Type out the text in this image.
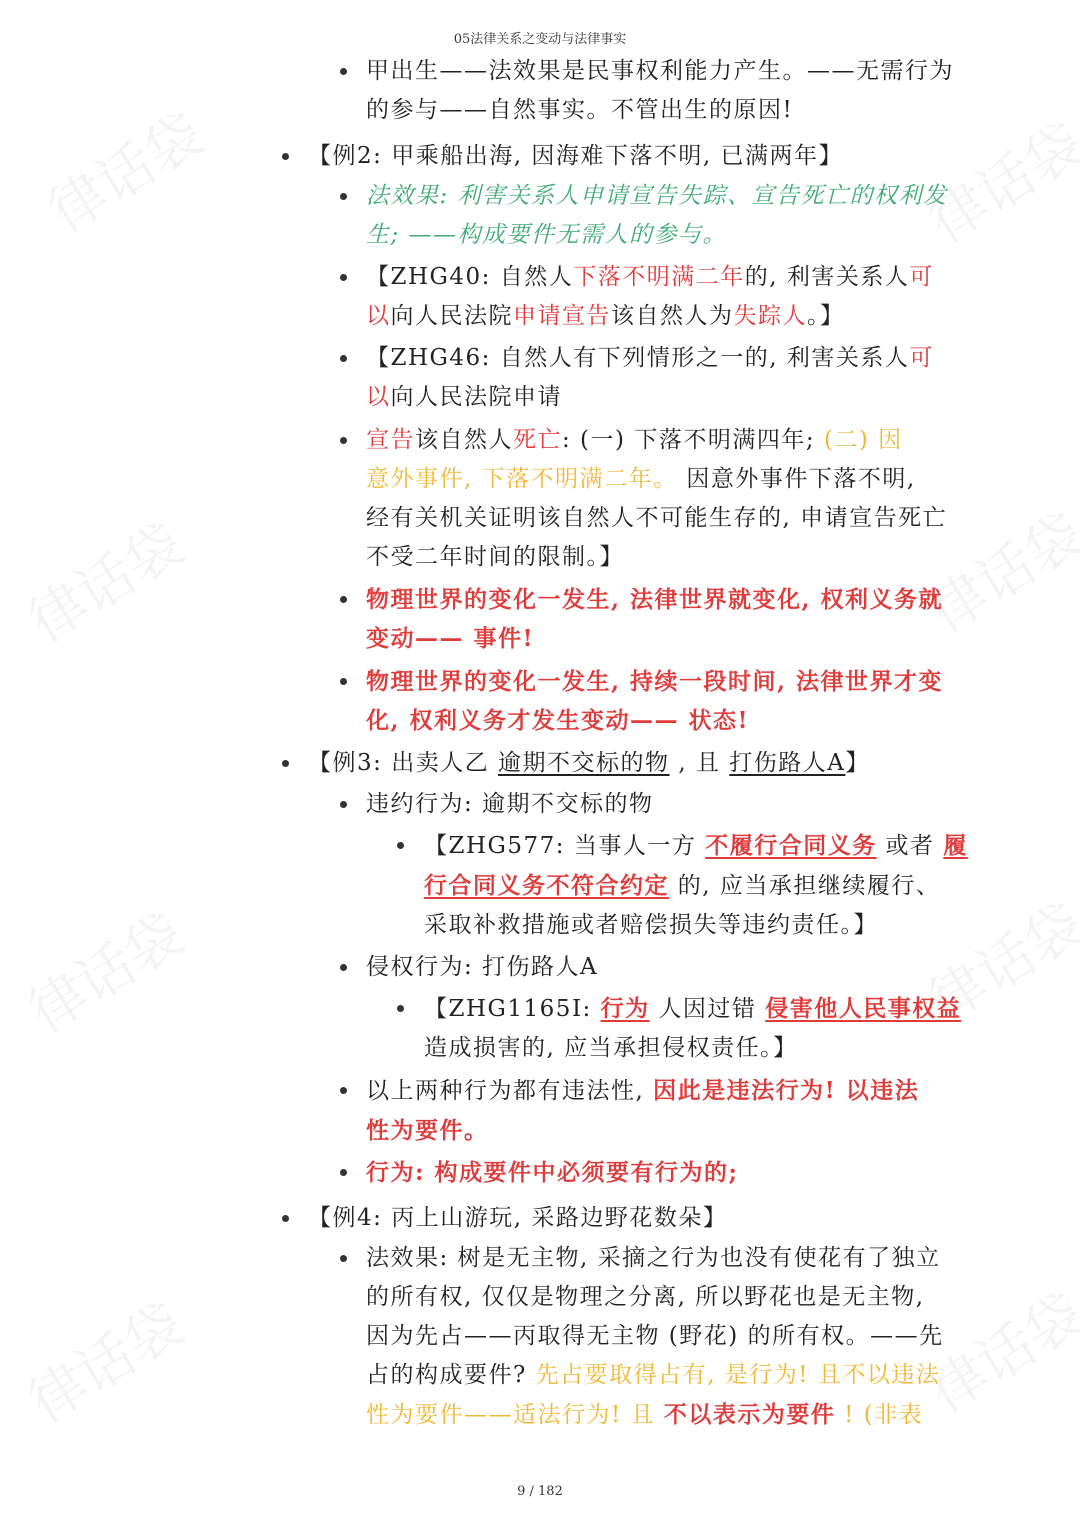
05法律关系之变动与法律事实
甲出生——法效果是民事权利能力产生。——无需行为
的参与——自然事实。不管出生的原因!
【例2: 甲乘船出海, 因海难下落不明, 已满两年】
法效果: 利害关系人申请宣告失踪、宣告死亡的权利发
生; ——构成要件无需人的参与。
【ZHG40: 自然人下落不明满二年的, 利害关系人可
以向人民法院申请宣告该自然人为失踪人。】
【ZHG46: 自然人有下列情形之一的, 利害关系人可
以向人民法院申请
宣告该自然人死亡: (一) 下落不明满四年; (二) 因
意外事件, 下落不明满二年。 因意外事件下落不明,
经有关机关证明该自然人不可能生存的, 申请宣告死亡
不受二年时间的限制。】
物理世界的变化一发生, 法律世界就变化, 权利义务就
变动—— 事件!
物理世界的变化一发生, 持续一段时间, 法律世界才变
化, 权利义务才发生变动—— 状态!
【例3: 出卖人乙 逾期不交标的物 , 且 打伤路人A】
违约行为: 逾期不交标的物
【ZHG577: 当事人一方 不履行合同义务 或者 履
行合同义务不符合约定 的, 应当承担继续履行、
采取补救措施或者赔偿损失等违约责任。】
侵权行为: 打伤路人A
【ZHG1165I: 行为 人因过错 侵害他人民事权益
造成损害的, 应当承担侵权责任。】
以上两种行为都有违法性, 因此是违法行为! 以违法
性为要件。
行为: 构成要件中必须要有行为的;
【例4: 丙上山游玩, 采路边野花数朵】
法效果: 树是无主物, 采摘之行为也没有使花有了独立
的所有权, 仅仅是物理之分离, 所以野花也是无主物,
因为先占——丙取得无主物 (野花) 的所有权。——先
占的构成要件? 先占要取得占有, 是行为! 且不以违法
性为要件——适法行为! 且 不以表示为要件 ! (非表
9 / 182
